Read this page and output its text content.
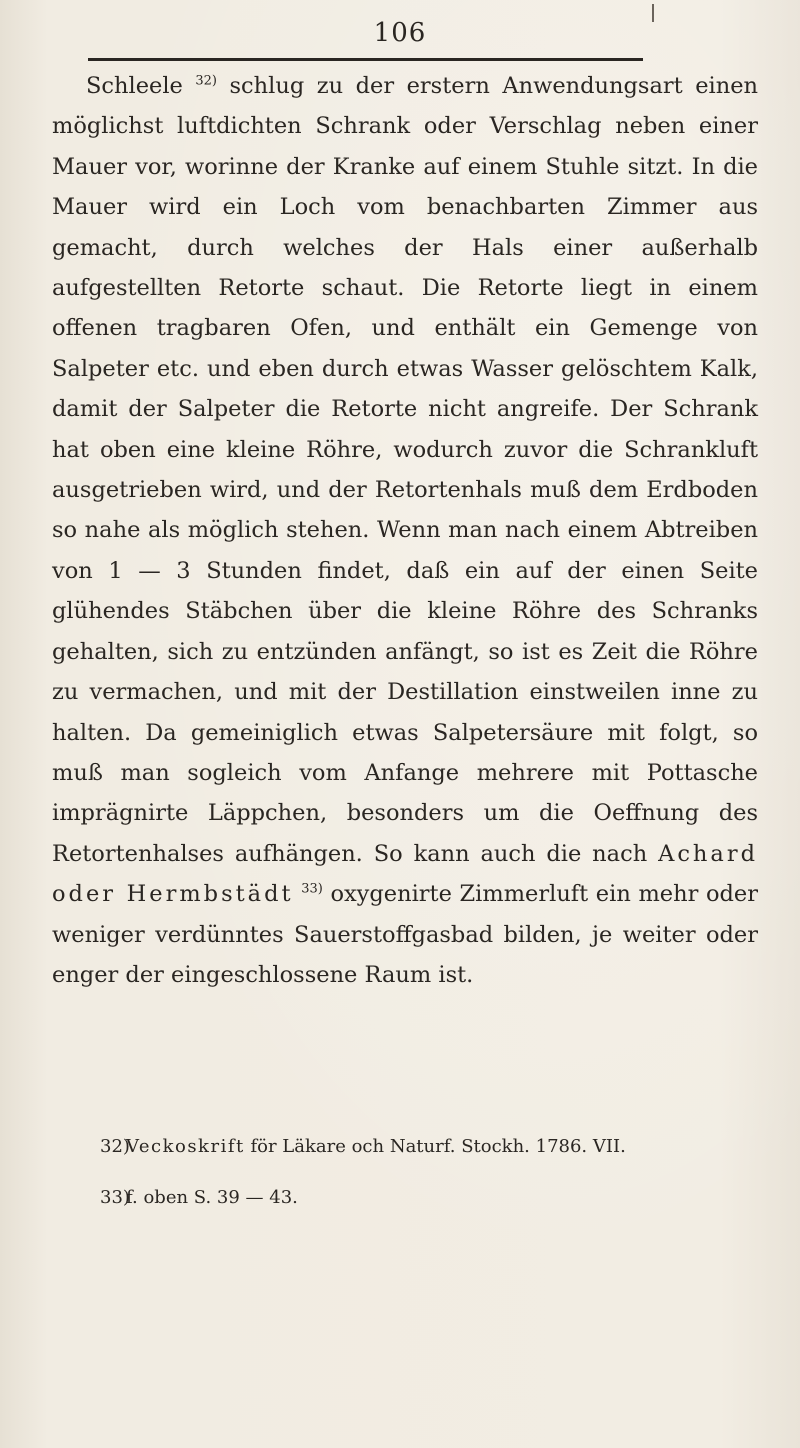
106

Schleele $^{32)}$ schlug zu der erstern Anwendungsart einen möglichst luftdichten Schrank oder Verschlag neben einer Mauer vor, worinne der Kranke auf einem Stuhle sitzt. In die Mauer wird ein Loch vom benachbarten Zimmer aus gemacht, durch welches der Hals einer außerhalb aufgestellten Retorte schaut. Die Retorte liegt in einem offenen tragbaren Ofen, und enthält ein Gemenge von Salpeter etc. und eben durch etwas Wasser gelöschtem Kalk, damit der Salpeter die Retorte nicht angreife. Der Schrank hat oben eine kleine Röhre, wodurch zuvor die Schrankluft ausgetrieben wird, und der Retortenhals muß dem Erdboden so nahe als möglich stehen. Wenn man nach einem Abtreiben von 1 — 3 Stunden findet, daß ein auf der einen Seite glühendes Stäbchen über die kleine Röhre des Schranks gehalten, sich zu entzünden anfängt, so ist es Zeit die Röhre zu vermachen, und mit der Destillation einstweilen inne zu halten. Da gemeiniglich etwas Salpetersäure mit folgt, so muß man sogleich vom Anfange mehrere mit Pottasche imprägnirte Läppchen, besonders um die Oeffnung des Retortenhalses aufhängen. So kann auch die nach Achard oder Hermbstädt $^{33)}$ oxygenirte Zimmerluft ein mehr oder weniger verdünntes Sauerstoffgasbad bilden, je weiter oder enger der eingeschlossene Raum ist.

32)Veckoskrift för Läkare och Naturf. Stockh. 1786. VII.
33)f. oben S. 39 — 43.
